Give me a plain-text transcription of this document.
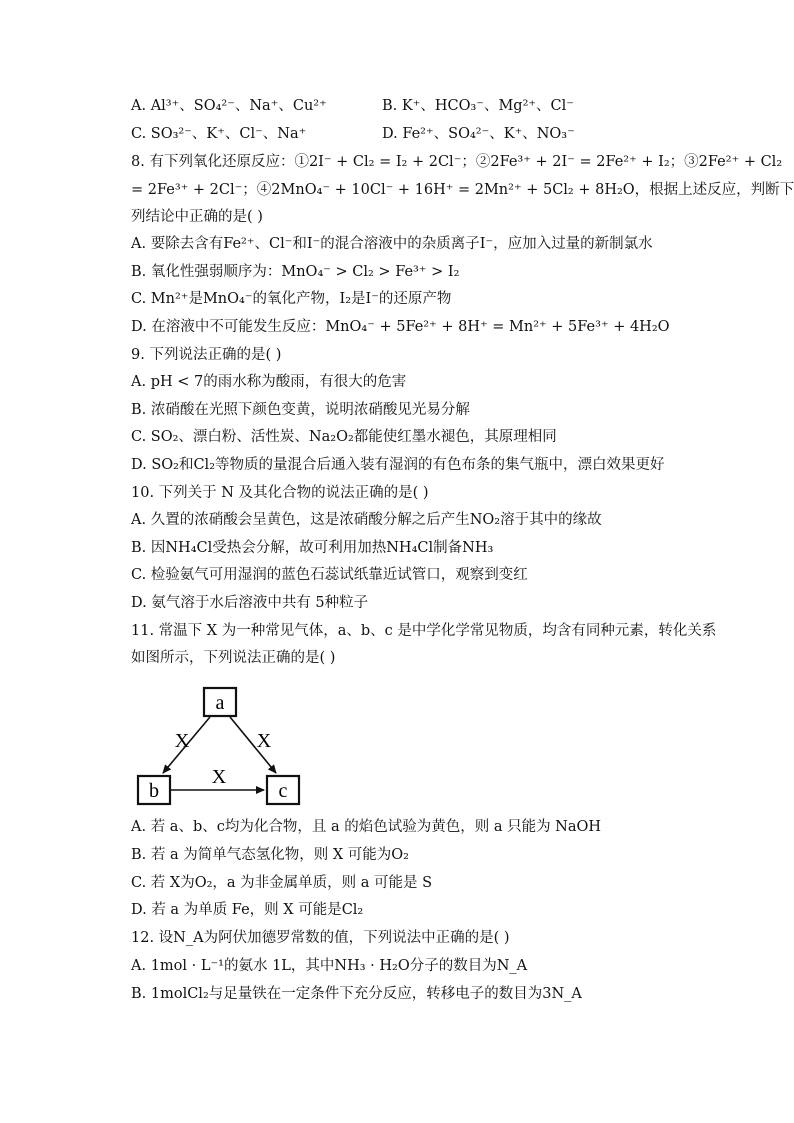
A. Al³⁺、SO₄²⁻、Na⁺、Cu²⁺	B. K⁺、HCO₃⁻、Mg²⁺、Cl⁻
C. SO₃²⁻、K⁺、Cl⁻、Na⁺	D. Fe²⁺、SO₄²⁻、K⁺、NO₃⁻
8. 有下列氧化还原反应：①2I⁻ + Cl₂ = I₂ + 2Cl⁻；②2Fe³⁺ + 2I⁻ = 2Fe²⁺ + I₂；③2Fe²⁺ + Cl₂
= 2Fe³⁺ + 2Cl⁻；④2MnO₄⁻ + 10Cl⁻ + 16H⁺ = 2Mn²⁺ + 5Cl₂ + 8H₂O，根据上述反应，判断下
列结论中正确的是( )
A. 要除去含有Fe²⁺、Cl⁻和I⁻的混合溶液中的杂质离子I⁻，应加入过量的新制氯水
B. 氧化性强弱顺序为：MnO₄⁻ > Cl₂ > Fe³⁺ > I₂
C. Mn²⁺是MnO₄⁻的氧化产物，I₂是I⁻的还原产物
D. 在溶液中不可能发生反应：MnO₄⁻ + 5Fe²⁺ + 8H⁺ = Mn²⁺ + 5Fe³⁺ + 4H₂O
9. 下列说法正确的是( )
A. pH < 7的雨水称为酸雨，有很大的危害
B. 浓硝酸在光照下颜色变黄，说明浓硝酸见光易分解
C. SO₂、漂白粉、活性炭、Na₂O₂都能使红墨水褪色，其原理相同
D. SO₂和Cl₂等物质的量混合后通入装有湿润的有色布条的集气瓶中，漂白效果更好
10. 下列关于 N 及其化合物的说法正确的是( )
A. 久置的浓硝酸会呈黄色，这是浓硝酸分解之后产生NO₂溶于其中的缘故
B. 因NH₄Cl受热会分解，故可利用加热NH₄Cl制备NH₃
C. 检验氨气可用湿润的蓝色石蕊试纸靠近试管口，观察到变红
D. 氨气溶于水后溶液中共有 5种粒子
11. 常温下 X 为一种常见气体，a、b、c 是中学化学常见物质，均含有同种元素，转化关系
如图所示，下列说法正确的是( )
a
b	c
X	X
X
A. 若 a、b、c均为化合物，且 a 的焰色试验为黄色，则 a 只能为 NaOH
B. 若 a 为简单气态氢化物，则 X 可能为O₂
C. 若 X为O₂，a 为非金属单质，则 a 可能是 S
D. 若 a 为单质 Fe，则 X 可能是Cl₂
12. 设N_A为阿伏加德罗常数的值，下列说法中正确的是( )
A. 1mol · L⁻¹的氨水 1L，其中NH₃ · H₂O分子的数目为N_A
B. 1molCl₂与足量铁在一定条件下充分反应，转移电子的数目为3N_A
